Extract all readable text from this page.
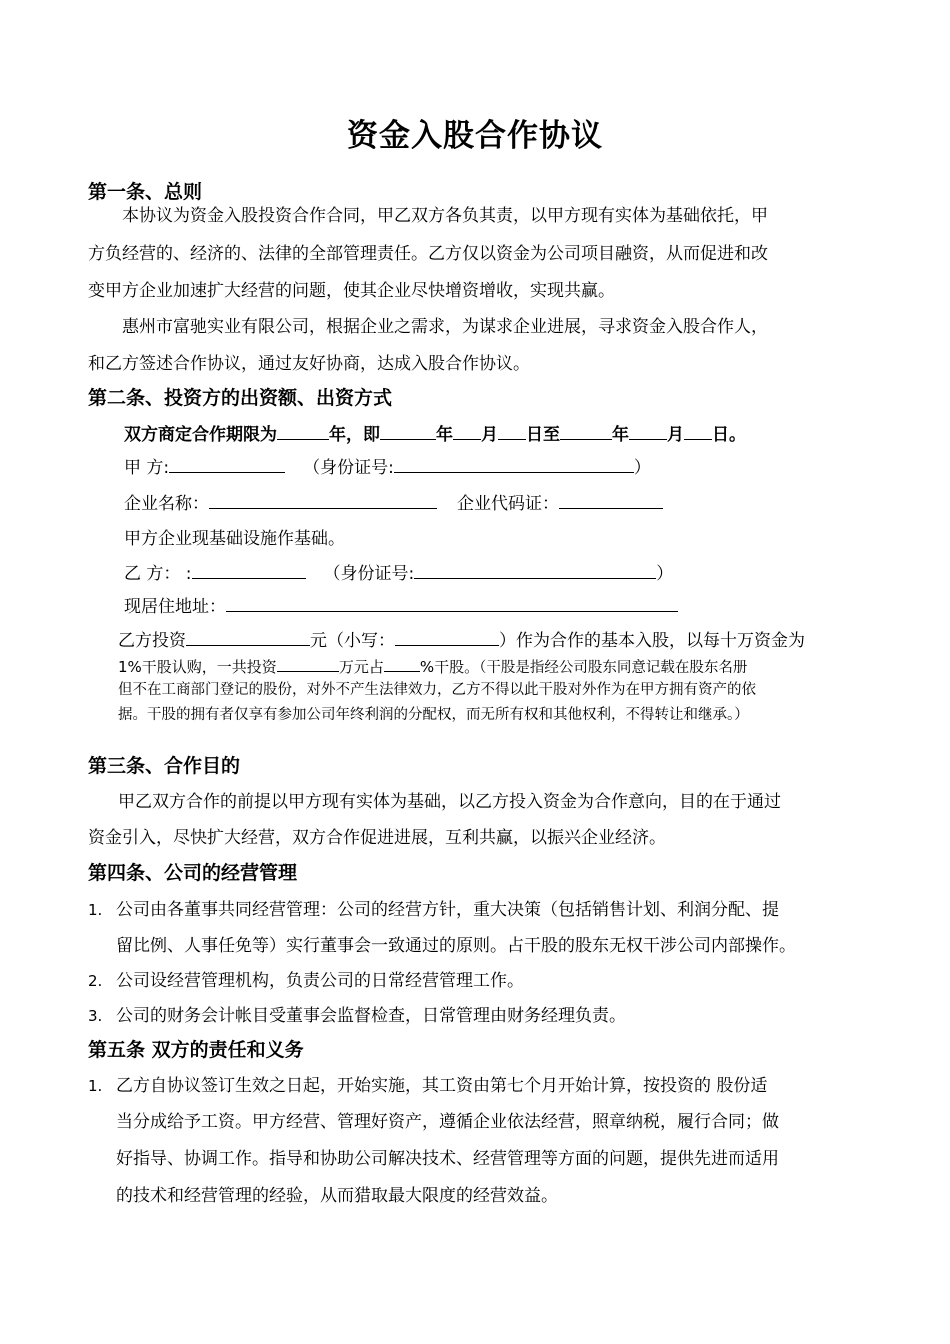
资金入股合作协议
第一条、总则
本协议为资金入股投资合作合同，甲乙双方各负其责，以甲方现有实体为基础依托，甲
方负经营的、经济的、法律的全部管理责任。乙方仅以资金为公司项目融资，从而促进和改
变甲方企业加速扩大经营的问题，使其企业尽快增资增收，实现共赢。
惠州市富驰实业有限公司，根据企业之需求，为谋求企业进展，寻求资金入股合作人，
和乙方签述合作协议，通过友好协商，达成入股合作协议。
第二条、投资方的出资额、出资方式
双方商定合作期限为	年，即	年 月 日至	年 月 日。
甲 方:	（身份证号:	）
企业名称：	企业代码证：
甲方企业现基础设施作基础。
乙 方： :	（身份证号:	）
现居住地址：
乙方投资	元（小写：	）作为合作的基本入股，以每十万资金为
1%干股认购，一共投资	万元占 %干股。（干股是指经公司股东同意记载在股东名册
但不在工商部门登记的股份，对外不产生法律效力，乙方不得以此干股对外作为在甲方拥有资产的依
据。干股的拥有者仅享有参加公司年终利润的分配权，而无所有权和其他权利，不得转让和继承。）
第三条、合作目的
甲乙双方合作的前提以甲方现有实体为基础，以乙方投入资金为合作意向，目的在于通过
资金引入，尽快扩大经营，双方合作促进进展，互利共赢，以振兴企业经济。
第四条、公司的经营管理
1. 公司由各董事共同经营管理：公司的经营方针，重大决策（包括销售计划、利润分配、提
留比例、人事任免等）实行董事会一致通过的原则。占干股的股东无权干涉公司内部操作。
2. 公司设经营管理机构，负责公司的日常经营管理工作。
3. 公司的财务会计帐目受董事会监督检查，日常管理由财务经理负责。
第五条 双方的责任和义务
1. 乙方自协议签订生效之日起，开始实施，其工资由第七个月开始计算，按投资的 股份适
当分成给予工资。甲方经营、管理好资产，遵循企业依法经营，照章纳税，履行合同；做
好指导、协调工作。指导和协助公司解决技术、经营管理等方面的问题，提供先进而适用
的技术和经营管理的经验，从而猎取最大限度的经营效益。
